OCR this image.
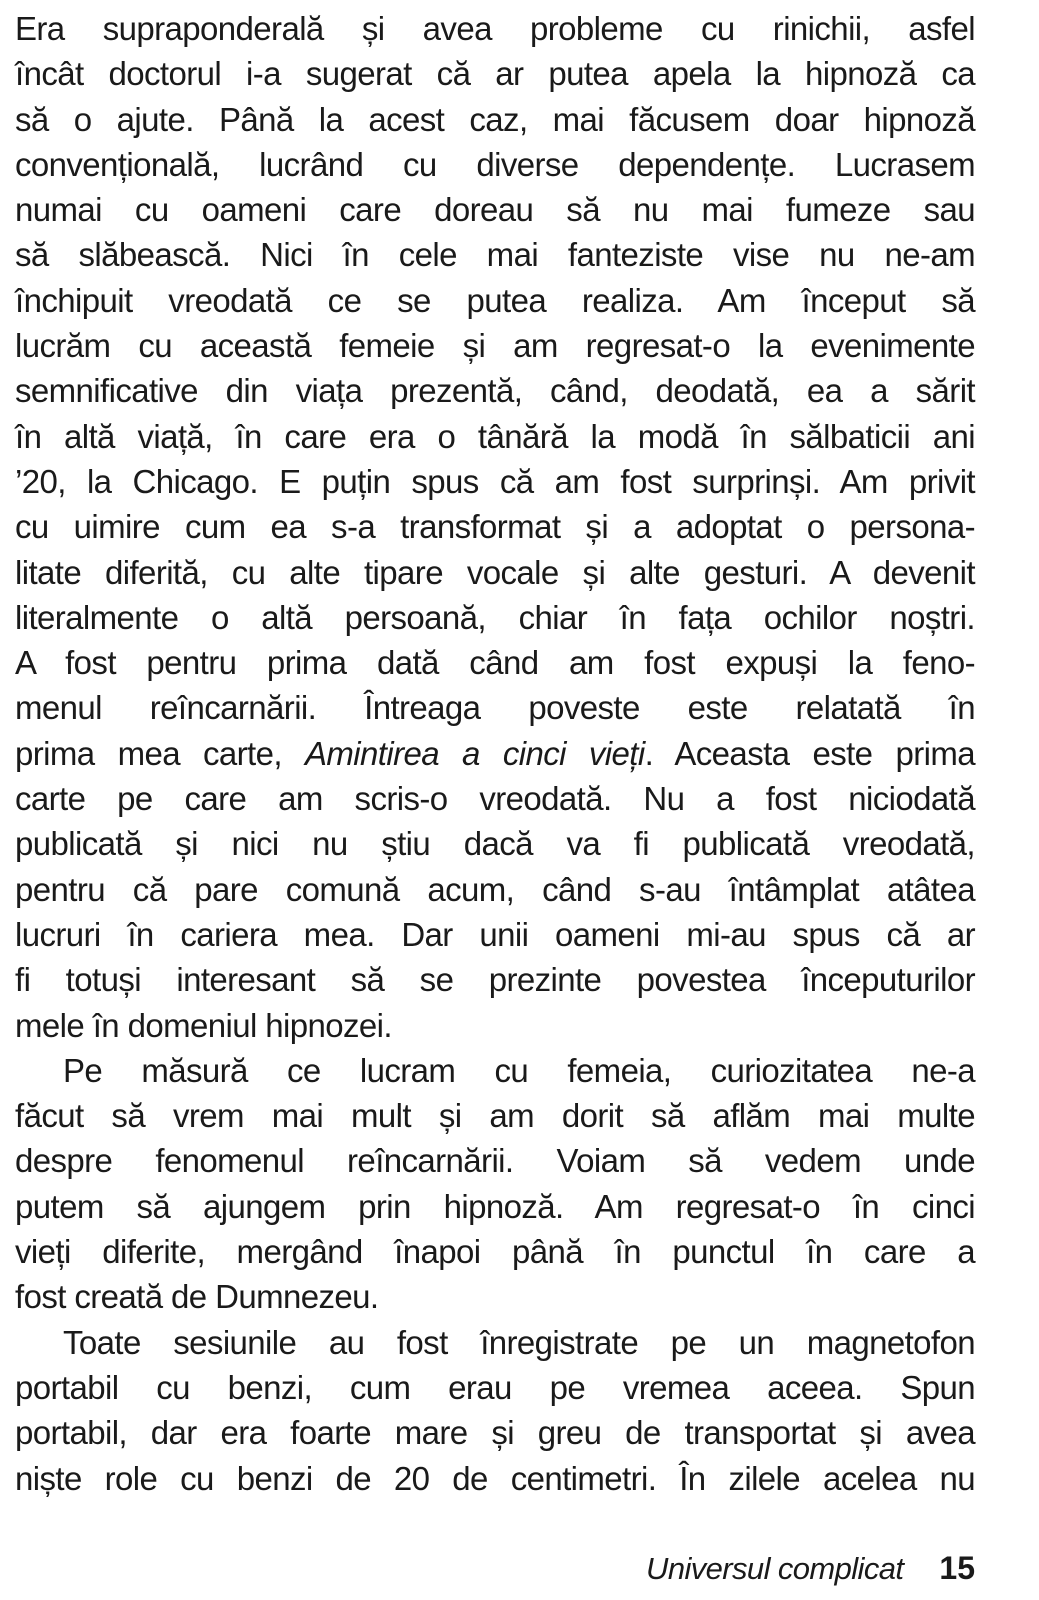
Era supraponderală și avea probleme cu rinichii, asfel
încât doctorul i-a sugerat că ar putea apela la hipnoză ca
să o ajute. Până la acest caz, mai făcusem doar hipnoză
convențională, lucrând cu diverse dependențe. Lucrasem
numai cu oameni care doreau să nu mai fumeze sau
să slăbească. Nici în cele mai fanteziste vise nu ne-am
închipuit vreodată ce se putea realiza. Am început să
lucrăm cu această femeie și am regresat-o la evenimente
semnificative din viața prezentă, când, deodată, ea a sărit
în altă viață, în care era o tânără la modă în sălbaticii ani
’20, la Chicago. E puțin spus că am fost surprinși. Am privit
cu uimire cum ea s-a transformat și a adoptat o persona-
litate diferită, cu alte tipare vocale și alte gesturi. A devenit
literalmente o altă persoană, chiar în fața ochilor noștri.
A fost pentru prima dată când am fost expuși la feno-
menul reîncarnării. Întreaga poveste este relatată în
prima mea carte, Amintirea a cinci vieți. Aceasta este prima
carte pe care am scris-o vreodată. Nu a fost niciodată
publicată și nici nu știu dacă va fi publicată vreodată,
pentru că pare comună acum, când s-au întâmplat atâtea
lucruri în cariera mea. Dar unii oameni mi-au spus că ar
fi totuși interesant să se prezinte povestea începuturilor
mele în domeniul hipnozei.
Pe măsură ce lucram cu femeia, curiozitatea ne-a
făcut să vrem mai mult și am dorit să aflăm mai multe
despre fenomenul reîncarnării. Voiam să vedem unde
putem să ajungem prin hipnoză. Am regresat-o în cinci
vieți diferite, mergând înapoi până în punctul în care a
fost creată de Dumnezeu.
Toate sesiunile au fost înregistrate pe un magnetofon
portabil cu benzi, cum erau pe vremea aceea. Spun
portabil, dar era foarte mare și greu de transportat și avea
niște role cu benzi de 20 de centimetri. În zilele acelea nu
Universul complicat 15
